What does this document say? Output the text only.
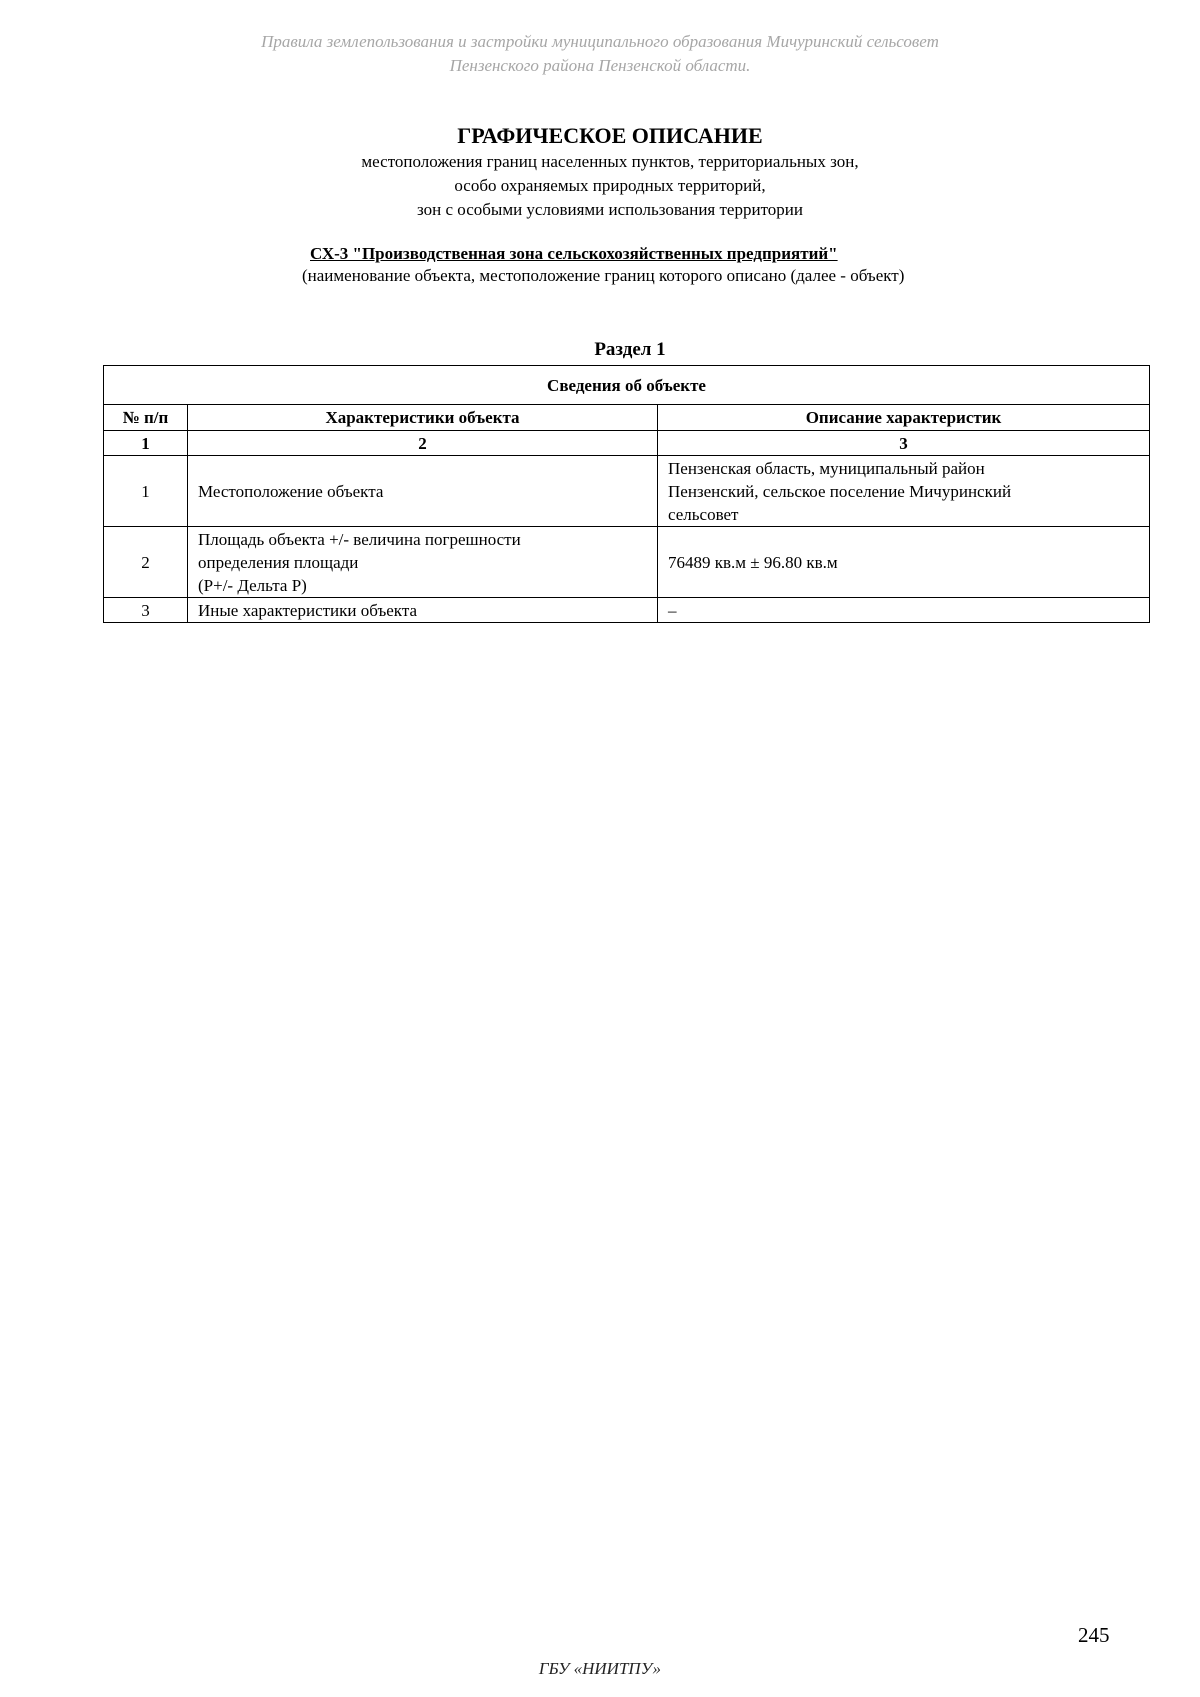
Правила землепользования и застройки муниципального образования Мичуринский сельсовет
Пензенского района Пензенской области.
ГРАФИЧЕСКОЕ ОПИСАНИЕ
местоположения границ населенных пунктов, территориальных зон,
особо охраняемых природных территорий,
зон с особыми условиями использования территории
СХ-3 "Производственная зона сельскохозяйственных предприятий"
(наименование объекта, местоположение границ которого описано (далее - объект)
Раздел 1
Сведения об объекте		
№ п/п	Характеристики объекта	Описание характеристик
1	2	3
1	Местоположение объекта	Пензенская область, муниципальный район
Пензенский, сельское поселение Мичуринский
сельсовет

2	Площадь объекта +/- величина погрешности
определения площади
(P+/- Дельта P)	76489 кв.м ± 96.80 кв.м

3	Иные характеристики объекта	–
245
ГБУ «НИИТПУ»
